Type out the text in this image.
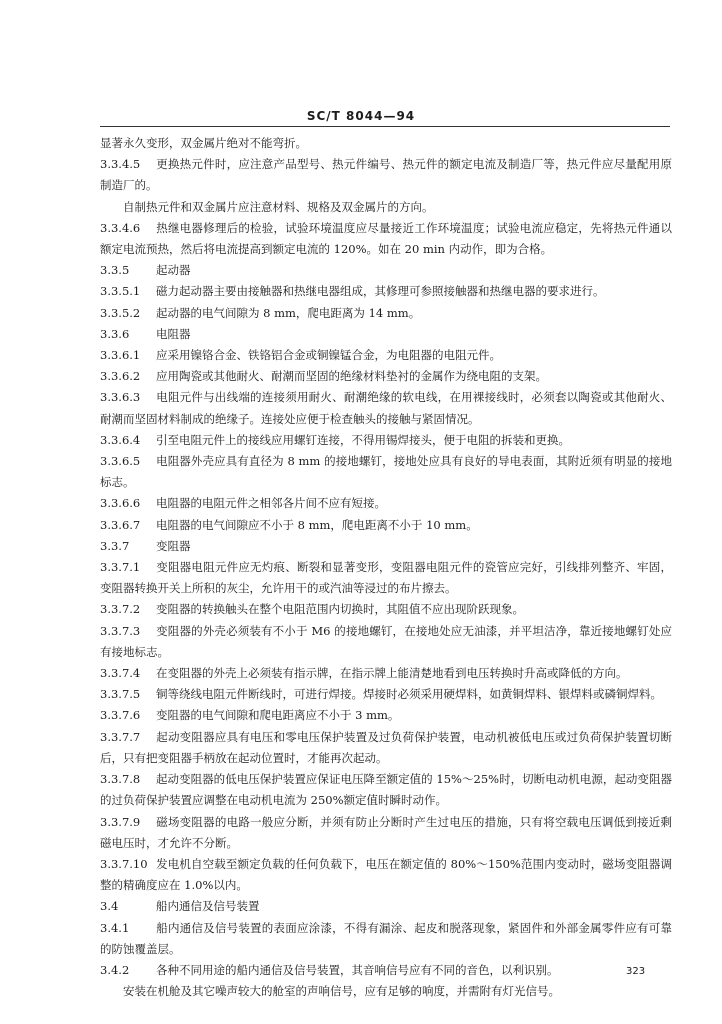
SC/T 8044—94

显著永久变形，双金属片绝对不能弯折。

3.3.4.5 更换热元件时，应注意产品型号、热元件编号、热元件的额定电流及制造厂等，热元件应尽量配用原制造厂的。

自制热元件和双金属片应注意材料、规格及双金属片的方向。

3.3.4.6 热继电器修理后的检验，试验环境温度应尽量接近工作环境温度；试验电流应稳定，先将热元件通以额定电流预热，然后将电流提高到额定电流的 120%。如在 20 min 内动作，即为合格。

3.3.5 起动器

3.3.5.1 磁力起动器主要由接触器和热继电器组成，其修理可参照接触器和热继电器的要求进行。

3.3.5.2 起动器的电气间隙为 8 mm，爬电距离为 14 mm。

3.3.6 电阻器

3.3.6.1 应采用镍铬合金、铁铬铝合金或铜镍锰合金，为电阻器的电阻元件。

3.3.6.2 应用陶瓷或其他耐火、耐潮而坚固的绝缘材料垫衬的金属作为绕电阻的支架。

3.3.6.3 电阻元件与出线端的连接须用耐火、耐潮绝缘的软电线，在用裸接线时，必须套以陶瓷或其他耐火、耐潮而坚固材料制成的绝缘子。连接处应便于检查触头的接触与紧固情况。

3.3.6.4 引至电阻元件上的接线应用螺钉连接，不得用锡焊接头，便于电阻的拆装和更换。

3.3.6.5 电阻器外壳应具有直径为 8 mm 的接地螺钉，接地处应具有良好的导电表面，其附近须有明显的接地标志。

3.3.6.6 电阻器的电阻元件之相邻各片间不应有短接。

3.3.6.7 电阻器的电气间隙应不小于 8 mm，爬电距离不小于 10 mm。

3.3.7 变阻器

3.3.7.1 变阻器电阻元件应无灼痕、断裂和显著变形，变阻器电阻元件的瓷管应完好，引线排列整齐、牢固，变阻器转换开关上所积的灰尘，允许用干的或汽油等浸过的布片擦去。

3.3.7.2 变阻器的转换触头在整个电阻范围内切换时，其阻值不应出现阶跃现象。

3.3.7.3 变阻器的外壳必须装有不小于 M6 的接地螺钉，在接地处应无油漆，并平坦洁净，靠近接地螺钉处应有接地标志。

3.3.7.4 在变阻器的外壳上必须装有指示牌，在指示牌上能清楚地看到电压转换时升高或降低的方向。

3.3.7.5 铜等绕线电阻元件断线时，可进行焊接。焊接时必须采用硬焊料，如黄铜焊料、银焊料或磷铜焊料。

3.3.7.6 变阻器的电气间隙和爬电距离应不小于 3 mm。

3.3.7.7 起动变阻器应具有电压和零电压保护装置及过负荷保护装置，电动机被低电压或过负荷保护装置切断后，只有把变阻器手柄放在起动位置时，才能再次起动。

3.3.7.8 起动变阻器的低电压保护装置应保证电压降至额定值的 15%～25%时，切断电动机电源，起动变阻器的过负荷保护装置应调整在电动机电流为 250%额定值时瞬时动作。

3.3.7.9 磁场变阻器的电路一般应分断，并须有防止分断时产生过电压的措施，只有将空载电压调低到接近剩磁电压时，才允许不分断。

3.3.7.10 发电机自空载至额定负载的任何负载下，电压在额定值的 80%～150%范围内变动时，磁场变阻器调整的精确度应在 1.0%以内。

3.4	船内通信及信号装置

3.4.1 船内通信及信号装置的表面应涂漆，不得有漏涂、起皮和脱落现象，紧固件和外部金属零件应有可靠的防蚀覆盖层。

3.4.2 各种不同用途的船内通信及信号装置，其音响信号应有不同的音色，以利识别。

安装在机舱及其它噪声较大的舱室的声响信号，应有足够的响度，并需附有灯光信号。

323
